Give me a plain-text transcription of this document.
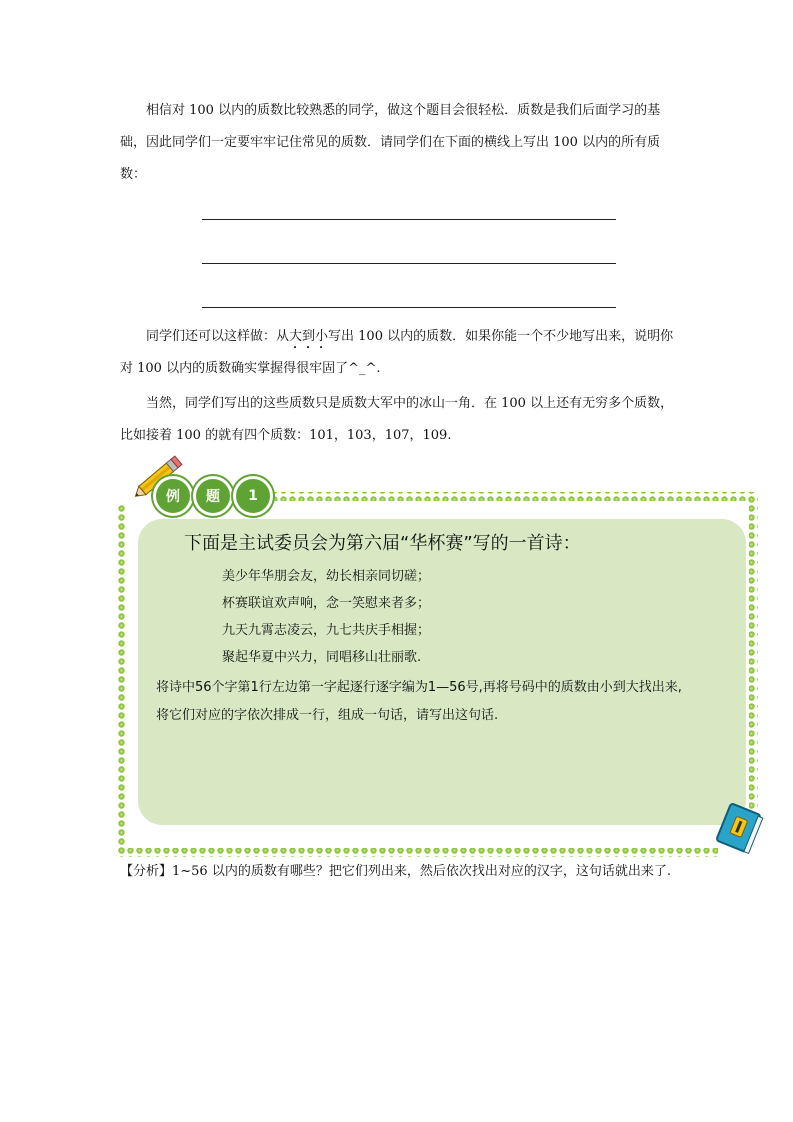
相信对 100 以内的质数比较熟悉的同学，做这个题目会很轻松．质数是我们后面学习的基础，因此同学们一定要牢牢记住常见的质数．请同学们在下面的横线上写出 100 以内的所有质数：

同学们还可以这样做：从大到小写出 100 以内的质数．如果你能一个不少地写出来，说明你对 100 以内的质数确实掌握得很牢固了^_^.

当然，同学们写出的这些质数只是质数大军中的冰山一角．在 100 以上还有无穷多个质数，比如接着 100 的就有四个质数：101，103，107，109.

例	题	1

下面是主试委员会为第六届“华杯赛”写的一首诗：

美少年华朋会友，幼长相亲同切磋；

杯赛联谊欢声响，念一笑慰来者多；

九天九霄志凌云，九七共庆手相握；

聚起华夏中兴力，同唱移山壮丽歌.

将诗中56个字第1行左边第一字起逐行逐字编为1—56号,再将号码中的质数由小到大找出来,

将它们对应的字依次排成一行，组成一句话，请写出这句话.

【分析】1~56 以内的质数有哪些？把它们列出来，然后依次找出对应的汉字，这句话就出来了.
